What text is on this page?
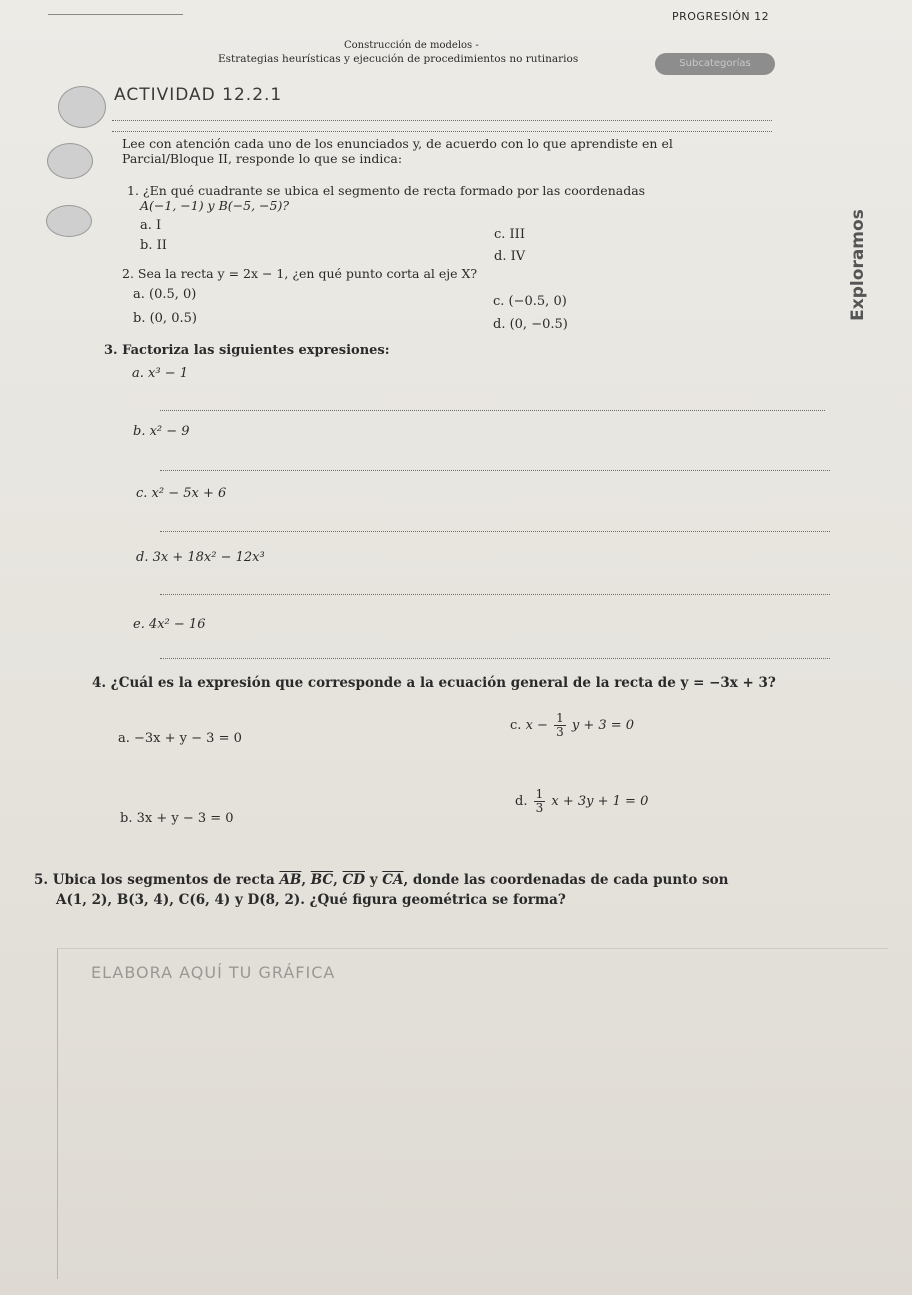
PROGRESIÓN 12
Construcción de modelos -
Estrategias heurísticas y ejecución de procedimientos no rutinarios	Subcategorías
ACTIVIDAD 12.2.1
Lee con atención cada uno de los enunciados y, de acuerdo con lo que aprendiste en el
Parcial/Bloque II, responde lo que se indica:
Exploramos
1. ¿En qué cuadrante se ubica el segmento de recta formado por las coordenadas
A(−1, −1) y B(−5, −5)?
a. I
b. II
c. III
d. IV
2. Sea la recta y = 2x − 1, ¿en qué punto corta al eje X?
a. (0.5, 0)
b. (0, 0.5)
c. (−0.5, 0)
d. (0, −0.5)
3. Factoriza las siguientes expresiones:
a. x³ − 1
b. x² − 9
c. x² − 5x + 6
d. 3x + 18x² − 12x³
e. 4x² − 16
4. ¿Cuál es la expresión que corresponde a la ecuación general de la recta de y = −3x + 3?
a. −3x + y − 3 = 0
b. 3x + y − 3 = 0
c. $x - \frac{1}{3}$ y + 3 = 0
d. $\frac{1}{3}$ x + 3y + 1 = 0
5. Ubica los segmentos de recta $\overline{AB}$, $\overline{BC}$, $\overline{CD}$ y $\overline{CA}$, donde las coordenadas de cada punto son
A(1, 2), B(3, 4), C(6, 4) y D(8, 2). ¿Qué figura geométrica se forma?
ELABORA AQUÍ TU GRÁFICA
